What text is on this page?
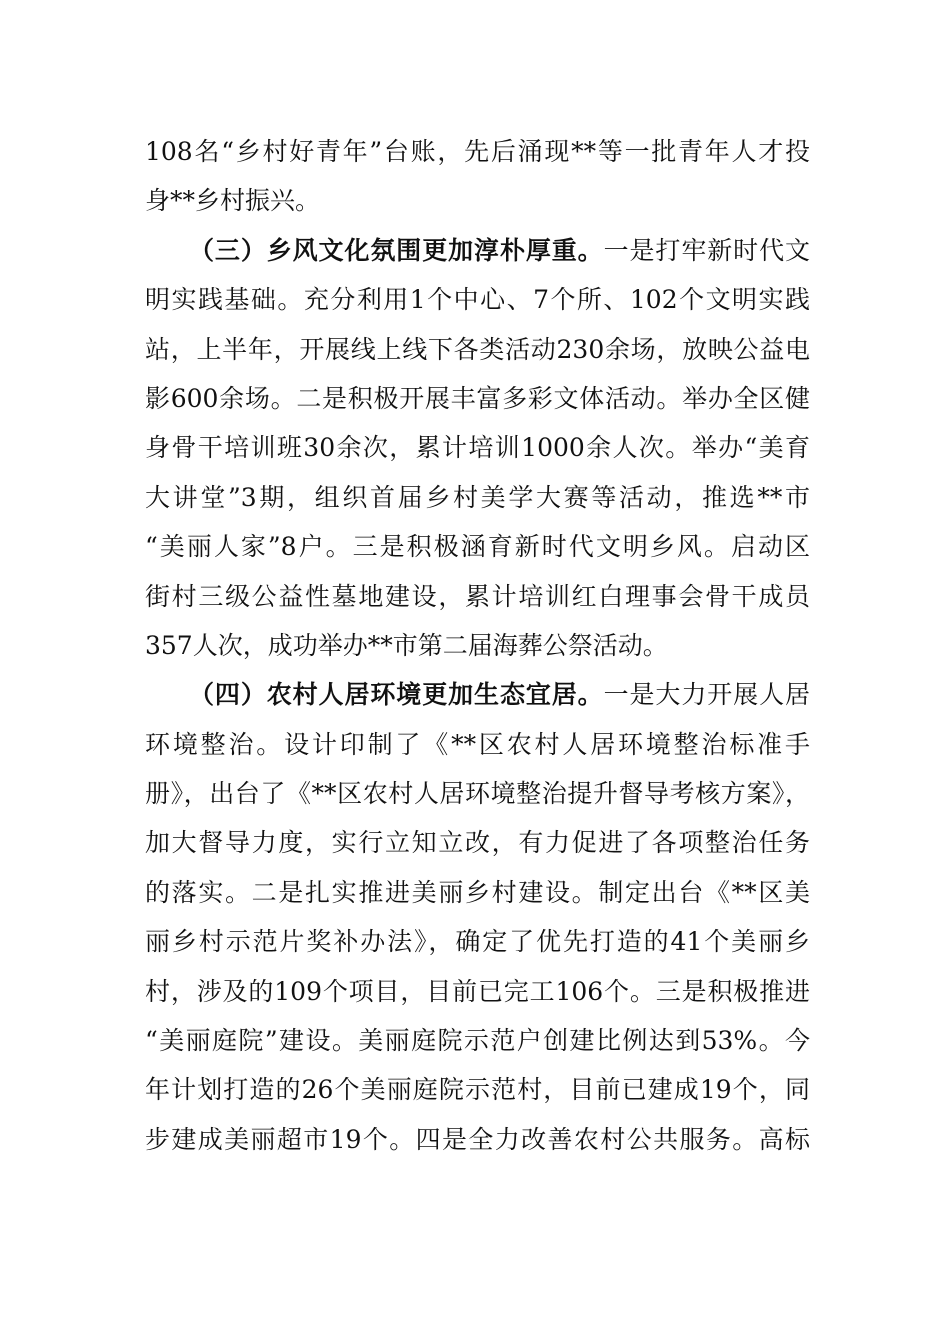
108名“乡村好青年”台账，先后涌现**等一批青年人才投
身**乡村振兴。
（三）乡风文化氛围更加淳朴厚重。一是打牢新时代文
明实践基础。充分利用1个中心、7个所、102个文明实践
站，上半年，开展线上线下各类活动230余场，放映公益电
影600余场。二是积极开展丰富多彩文体活动。举办全区健
身骨干培训班30余次，累计培训1000余人次。举办“美育
大讲堂”3期，组织首届乡村美学大赛等活动，推选**市
“美丽人家”8户。三是积极涵育新时代文明乡风。启动区
街村三级公益性墓地建设，累计培训红白理事会骨干成员
357人次，成功举办**市第二届海葬公祭活动。
（四）农村人居环境更加生态宜居。一是大力开展人居
环境整治。设计印制了《**区农村人居环境整治标准手
册》，出台了《**区农村人居环境整治提升督导考核方案》，
加大督导力度，实行立知立改，有力促进了各项整治任务
的落实。二是扎实推进美丽乡村建设。制定出台《**区美
丽乡村示范片奖补办法》，确定了优先打造的41个美丽乡
村，涉及的109个项目，目前已完工106个。三是积极推进
“美丽庭院”建设。美丽庭院示范户创建比例达到53%。今
年计划打造的26个美丽庭院示范村，目前已建成19个，同
步建成美丽超市19个。四是全力改善农村公共服务。高标
